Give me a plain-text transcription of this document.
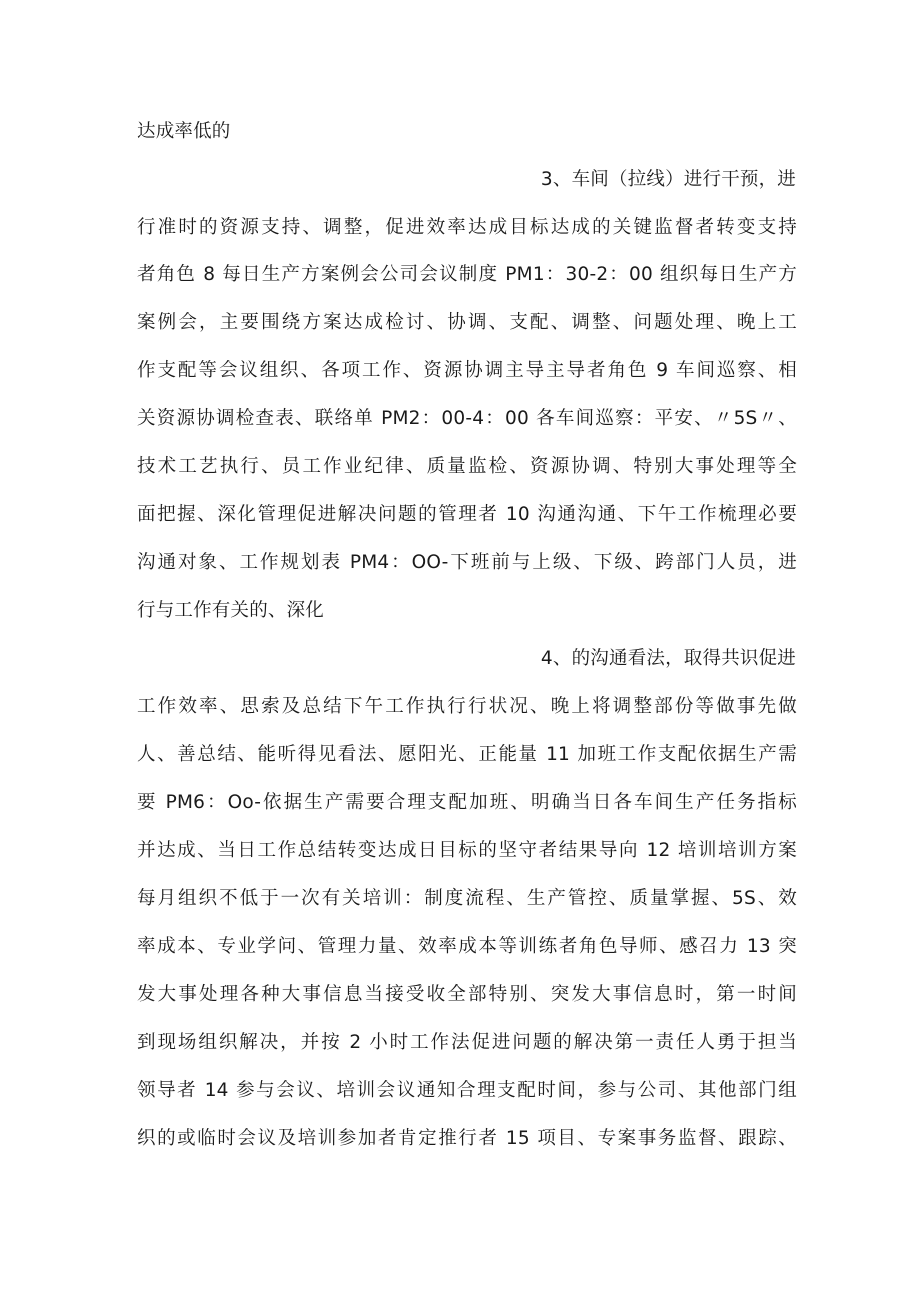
达成率低的
3、车间（拉线）进行干预，进
行准时的资源支持、调整，促进效率达成目标达成的关键监督者转变支持
者角色 8 每日生产方案例会公司会议制度 PM1：30-2：00 组织每日生产方
案例会，主要围绕方案达成检讨、协调、支配、调整、问题处理、晚上工
作支配等会议组织、各项工作、资源协调主导主导者角色 9 车间巡察、相
关资源协调检查表、联络单 PM2：00-4：00 各车间巡察：平安、〃5S〃、
技术工艺执行、员工作业纪律、质量监检、资源协调、特别大事处理等全
面把握、深化管理促进解决问题的管理者 10 沟通沟通、下午工作梳理必要
沟通对象、工作规划表 PM4：OO-下班前与上级、下级、跨部门人员，进
行与工作有关的、深化
4、的沟通看法，取得共识促进
工作效率、思索及总结下午工作执行行状况、晚上将调整部份等做事先做
人、善总结、能听得见看法、愿阳光、正能量 11 加班工作支配依据生产需
要 PM6：Oo-依据生产需要合理支配加班、明确当日各车间生产任务指标
并达成、当日工作总结转变达成日目标的坚守者结果导向 12 培训培训方案
每月组织不低于一次有关培训：制度流程、生产管控、质量掌握、5S、效
率成本、专业学问、管理力量、效率成本等训练者角色导师、感召力 13 突
发大事处理各种大事信息当接受收全部特别、突发大事信息时，第一时间
到现场组织解决，并按 2 小时工作法促进问题的解决第一责任人勇于担当
领导者 14 参与会议、培训会议通知合理支配时间，参与公司、其他部门组
织的或临时会议及培训参加者肯定推行者 15 项目、专案事务监督、跟踪、
